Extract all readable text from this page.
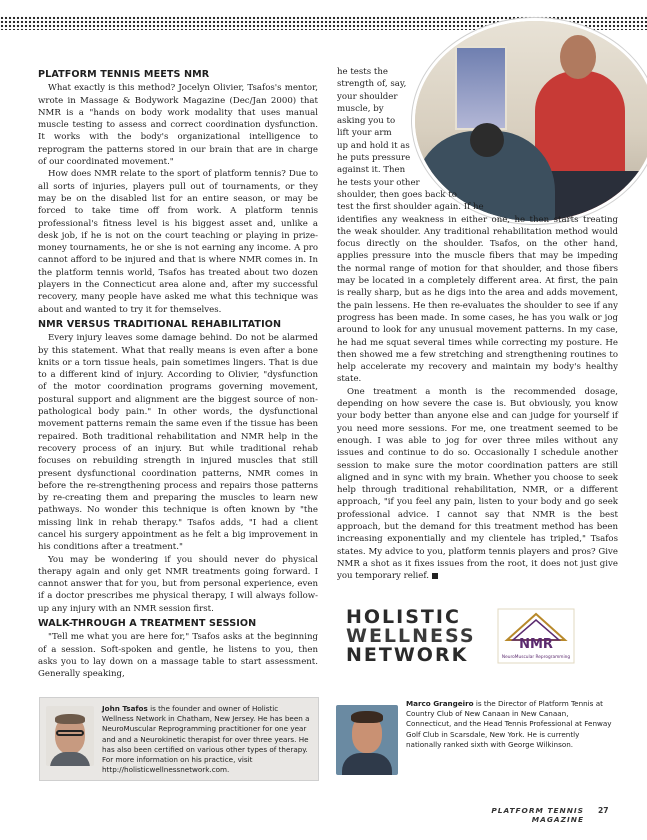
PLATFORM TENNIS MEETS NMR

What exactly is this method? Jocelyn Olivier, Tsafos's mentor, wrote in Massage & Bodywork Magazine (Dec/Jan 2000) that NMR is a "hands on body work modality that uses manual muscle testing to assess and correct coordination dysfunction. It works with the body's organizational intelligence to reprogram the patterns stored in our brain that are in charge of our coordinated movement."

How does NMR relate to the sport of platform tennis? Due to all sorts of injuries, players pull out of tournaments, or they may be on the disabled list for an entire season, or may be forced to take time off from work. A platform tennis professional's fitness level is his biggest asset and, unlike a desk job, if he is not on the court teaching or playing in prize-money tournaments, he or she is not earning any income. A pro cannot afford to be injured and that is where NMR comes in. In the platform tennis world, Tsafos has treated about two dozen players in the Connecticut area alone and, after my successful recovery, many people have asked me what this technique was about and wanted to try it for themselves.

NMR VERSUS TRADITIONAL REHABILITATION

Every injury leaves some damage behind. Do not be alarmed by this statement. What that really means is even after a bone knits or a torn tissue heals, pain sometimes lingers. That is due to a different kind of injury. According to Olivier, "dysfunction of the motor coordination programs governing movement, postural support and alignment are the biggest source of non-pathological body pain." In other words, the dysfunctional movement patterns remain the same even if the tissue has been repaired. Both traditional rehabilitation and NMR help in the recovery process of an injury. But while traditional rehab focuses on rebuilding strength in injured muscles that still present dysfunctional coordination patterns, NMR comes in before the re-strengthening process and repairs those patterns by re-creating them and preparing the muscles to learn new pathways. No wonder this technique is often known by "the missing link in rehab therapy." Tsafos adds, "I had a client cancel his surgery appointment as he felt a big improvement in his conditions after a treatment."

You may be wondering if you should never do physical therapy again and only get NMR treatments going forward. I cannot answer that for you, but from personal experience, even if a doctor prescribes me physical therapy, I will always follow-up any injury with an NMR session first.

WALK-THROUGH A TREATMENT SESSION

"Tell me what you are here for," Tsafos asks at the beginning of a session. Soft-spoken and gentle, he listens to you, then asks you to lay down on a massage table to start assessment. Generally speaking,

he tests the
strength of, say,
your shoulder
muscle, by
asking you to
lift your arm
up and hold it as
he puts pressure
against it. Then
he tests your other
shoulder, then goes back to
test the first shoulder again. If he

identifies any weakness in either one, he then starts treating the weak shoulder. Any traditional rehabilitation method would focus directly on the shoulder. Tsafos, on the other hand, applies pressure into the muscle fibers that may be impeding the normal range of motion for that shoulder, and those fibers may be located in a completely different area. At first, the pain is really sharp, but as he digs into the area and adds movement, the pain lessens. He then re-evaluates the shoulder to see if any progress has been made. In some cases, he has you walk or jog around to look for any unusual movement patterns. In my case, he had me squat several times while correcting my posture. He then showed me a few stretching and strengthening routines to help accelerate my recovery and maintain my body's healthy state.

One treatment a month is the recommended dosage, depending on how severe the case is. But obviously, you know your body better than anyone else and can judge for yourself if you need more sessions. For me, one treatment seemed to be enough. I was able to jog for over three miles without any issues and continue to do so. Occasionally I schedule another session to make sure the motor coordination patters are still aligned and in sync with my brain. Whether you choose to seek help through traditional rehabilitation, NMR, or a different approach, "if you feel any pain, listen to your body and go seek professional advice. I cannot say that NMR is the best approach, but the demand for this treatment method has been increasing exponentially and my clientele has tripled," Tsafos states. My advice to you, platform tennis players and pros? Give NMR a shot as it fixes issues from the root, it does not just give you temporary relief.

HOLISTIC
WELLNESS
NETWORK	NMR
NeuroMuscular Reprogramming
John Tsafos is the founder and owner of Holistic Wellness Network in Chatham, New Jersey. He has been a NeuroMuscular Reprogramming practitioner for one year and and a Neurokinetic therapist for over three years. He has also been certified on various other types of therapy. For more information on his practice, visit http://holisticwellnessnetwork.com.
Marco Grangeiro is the Director of Platform Tennis at Country Club of New Canaan in New Canaan, Connecticut, and the Head Tennis Professional at Fenway Golf Club in Scarsdale, New York. He is currently nationally ranked sixth with George Wilkinson.
PLATFORM TENNIS MAGAZINE
27
